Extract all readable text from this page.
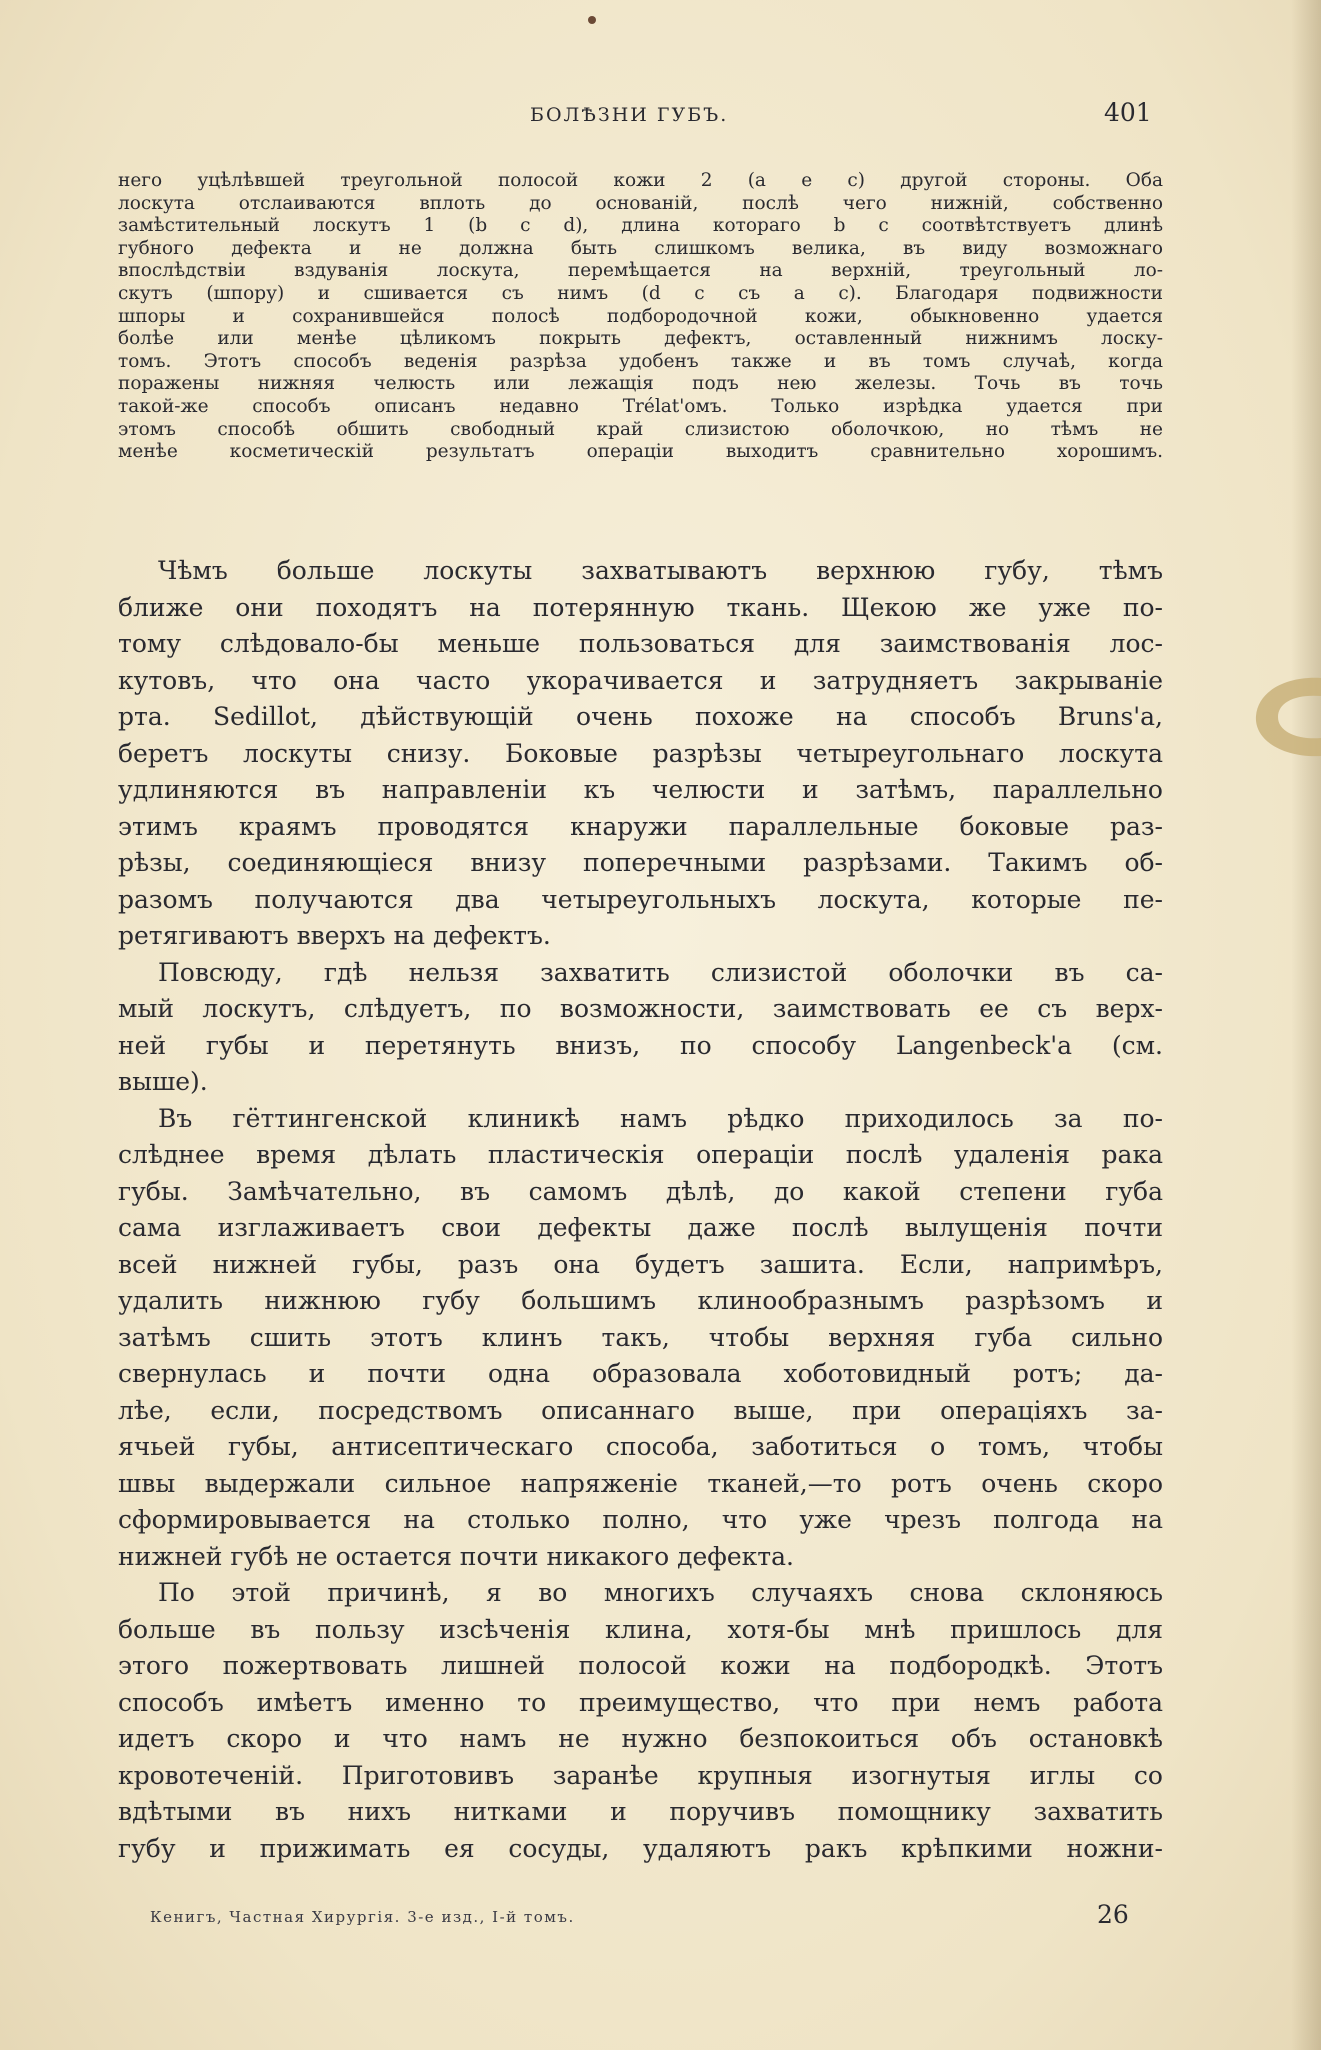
БОЛѢЗНИ ГУБЪ.	401
него уцѣлѣвшей треугольной полосой кожи 2 (a e c) другой стороны. Оба
лоскута отслаиваются вплоть до основаній, послѣ чего нижній, собственно
замѣстительный лоскутъ 1 (b c d), длина котораго b c соотвѣтствуетъ длинѣ
губного дефекта и не должна быть слишкомъ велика, въ виду возможнаго
впослѣдствіи вздуванія лоскута, перемѣщается на верхній, треугольный ло-
скутъ (шпору) и сшивается съ нимъ (d c съ a c). Благодаря подвижности
шпоры и сохранившейся полосѣ подбородочной кожи, обыкновенно удается
болѣе или менѣе цѣликомъ покрыть дефектъ, оставленный нижнимъ лоску-
томъ. Этотъ способъ веденія разрѣза удобенъ также и въ томъ случаѣ, когда
поражены нижняя челюсть или лежащія подъ нею железы. Точь въ точь
такой-же способъ описанъ недавно Trélat'омъ. Только изрѣдка удается при
этомъ способѣ обшить свободный край слизистою оболочкою, но тѣмъ не
менѣе косметическій результатъ операціи выходитъ сравнительно хорошимъ.
Чѣмъ больше лоскуты захватываютъ верхнюю губу, тѣмъ
ближе они походятъ на потерянную ткань. Щекою же уже по-
тому слѣдовало-бы меньше пользоваться для заимствованія лос-
кутовъ, что она часто укорачивается и затрудняетъ закрываніе
рта. Sedillot, дѣйствующій очень похоже на способъ Bruns'а,
беретъ лоскуты снизу. Боковые разрѣзы четыреугольнаго лоскута
удлиняются въ направленіи къ челюсти и затѣмъ, параллельно
этимъ краямъ проводятся кнаружи параллельные боковые раз-
рѣзы, соединяющіеся внизу поперечными разрѣзами. Такимъ об-
разомъ получаются два четыреугольныхъ лоскута, которые пе-
ретягиваютъ вверхъ на дефектъ.
Повсюду, гдѣ нельзя захватить слизистой оболочки въ са-
мый лоскутъ, слѣдуетъ, по возможности, заимствовать ее съ верх-
ней губы и перетянуть внизъ, по способу Langenbeck'а (см.
выше).
Въ гёттингенской клиникѣ намъ рѣдко приходилось за по-
слѣднее время дѣлать пластическія операціи послѣ удаленія рака
губы. Замѣчательно, въ самомъ дѣлѣ, до какой степени губа
сама изглаживаетъ свои дефекты даже послѣ вылущенія почти
всей нижней губы, разъ она будетъ зашита. Если, напримѣръ,
удалить нижнюю губу большимъ клинообразнымъ разрѣзомъ и
затѣмъ сшить этотъ клинъ такъ, чтобы верхняя губа сильно
свернулась и почти одна образовала хоботовидный ротъ; да-
лѣе, если, посредствомъ описаннаго выше, при операціяхъ за-
ячьей губы, антисептическаго способа, заботиться о томъ, чтобы
швы выдержали сильное напряженіе тканей,—то ротъ очень скоро
сформировывается на столько полно, что уже чрезъ полгода на
нижней губѣ не остается почти никакого дефекта.
По этой причинѣ, я во многихъ случаяхъ снова склоняюсь
больше въ пользу изсѣченія клина, хотя-бы мнѣ пришлось для
этого пожертвовать лишней полосой кожи на подбородкѣ. Этотъ
способъ имѣетъ именно то преимущество, что при немъ работа
идетъ скоро и что намъ не нужно безпокоиться объ остановкѣ
кровотеченій. Приготовивъ заранѣе крупныя изогнутыя иглы со
вдѣтыми въ нихъ нитками и поручивъ помощнику захватить
губу и прижимать ея сосуды, удаляютъ ракъ крѣпкими ножни-
Кенигъ, Частная Хирургія. 3-е изд., I-й томъ.	26
